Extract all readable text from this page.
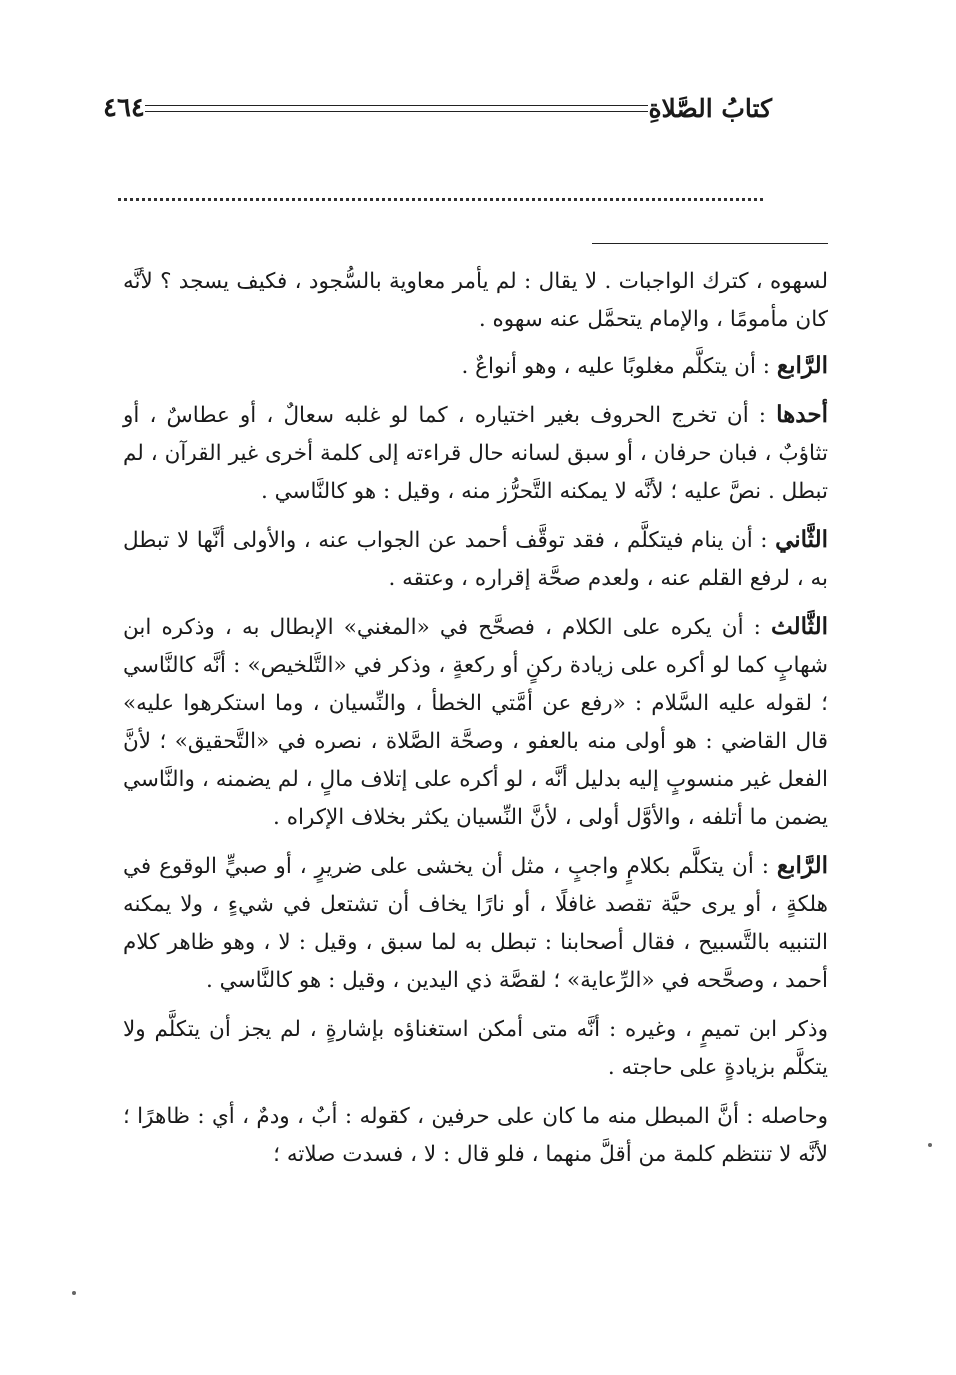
كتابُ الصَّلاةِ
٤٦٤

لسهوه ، كترك الواجبات . لا يقال : لم يأمر معاوية بالسُّجود ، فكيف يسجد ؟ لأنَّه كان مأمومًا ، والإمام يتحمَّل عنه سهوه .

الرَّابع : أن يتكلَّم مغلوبًا عليه ، وهو أنواعٌ .

أحدها : أن تخرج الحروف بغير اختياره ، كما لو غلبه سعالٌ ، أو عطاسٌ ، أو تثاؤبٌ ، فبان حرفان ، أو سبق لسانه حال قراءته إلى كلمة أخرى غير القرآن ، لم تبطل . نصَّ عليه ؛ لأنَّه لا يمكنه التَّحرُّز منه ، وقيل : هو كالنَّاسي .

الثَّاني : أن ينام فيتكلَّم ، فقد توقَّف أحمد عن الجواب عنه ، والأولى أنَّها لا تبطل به ، لرفع القلم عنه ، ولعدم صحَّة إقراره ، وعتقه .

الثَّالث : أن يكره على الكلام ، فصحَّح في «المغني» الإبطال به ، وذكره ابن شهابٍ كما لو أكره على زيادة ركنٍ أو ركعةٍ ، وذكر في «التَّلخيص» : أنَّه كالنَّاسي ؛ لقوله عليه السَّلام : «رفع عن أمَّتي الخطأ ، والنِّسيان ، وما استكرهوا عليه» قال القاضي : هو أولى منه بالعفو ، وصحَّة الصَّلاة ، نصره في «التَّحقيق» ؛ لأنَّ الفعل غير منسوبٍ إليه بدليل أنَّه ، لو أكره على إتلاف مالٍ ، لم يضمنه ، والنَّاسي يضمن ما أتلفه ، والأوَّل أولى ، لأنَّ النِّسيان يكثر بخلاف الإكراه .

الرَّابع : أن يتكلَّم بكلامٍ واجبٍ ، مثل أن يخشى على ضريرٍ ، أو صبيٍّ الوقوع في هلكةٍ ، أو يرى حيَّة تقصد غافلًا ، أو نارًا يخاف أن تشتعل في شيءٍ ، ولا يمكنه التنبيه بالتَّسبيح ، فقال أصحابنا : تبطل به لما سبق ، وقيل : لا ، وهو ظاهر كلام أحمد ، وصحَّحه في «الرِّعاية» ؛ لقصَّة ذي اليدين ، وقيل : هو كالنَّاسي .

وذكر ابن تميمٍ ، وغيره : أنَّه متى أمكن استغناؤه بإشارةٍ ، لم يجز أن يتكلَّم ولا يتكلَّم بزيادةٍ على حاجته .

وحاصله : أنَّ المبطل منه ما كان على حرفين ، كقوله : أبٌ ، ودمٌ ، أي : ظاهرًا ؛ لأنَّه لا تنتظم كلمة من أقلَّ منهما ، فلو قال : لا ، فسدت صلاته ؛
